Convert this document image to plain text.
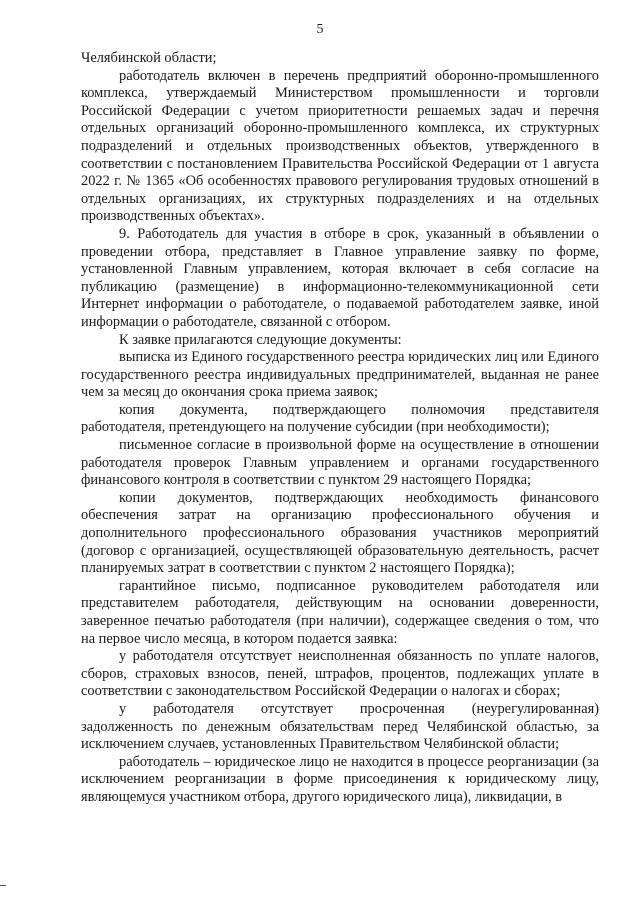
5

Челябинской области;

работодатель включен в перечень предприятий оборонно-промышленного комплекса, утверждаемый Министерством промышленности и торговли Российской Федерации с учетом приоритетности решаемых задач и перечня отдельных организаций оборонно-промышленного комплекса, их структурных подразделений и отдельных производственных объектов, утвержденного в соответствии с постановлением Правительства Российской Федерации от 1 августа 2022 г. № 1365 «Об особенностях правового регулирования трудовых отношений в отдельных организациях, их структурных подразделениях и на отдельных производственных объектах».

9. Работодатель для участия в отборе в срок, указанный в объявлении о проведении отбора, представляет в Главное управление заявку по форме, установленной Главным управлением, которая включает в себя согласие на публикацию (размещение) в информационно-телекоммуникационной сети Интернет информации о работодателе, о подаваемой работодателем заявке, иной информации о работодателе, связанной с отбором.

К заявке прилагаются следующие документы:

выписка из Единого государственного реестра юридических лиц или Единого государственного реестра индивидуальных предпринимателей, выданная не ранее чем за месяц до окончания срока приема заявок;

копия документа, подтверждающего полномочия представителя работодателя, претендующего на получение субсидии (при необходимости);

письменное согласие в произвольной форме на осуществление в отношении работодателя проверок Главным управлением и органами государственного финансового контроля в соответствии с пунктом 29 настоящего Порядка;

копии документов, подтверждающих необходимость финансового обеспечения затрат на организацию профессионального обучения и дополнительного профессионального образования участников мероприятий (договор с организацией, осуществляющей образовательную деятельность, расчет планируемых затрат в соответствии с пунктом 2 настоящего Порядка);

гарантийное письмо, подписанное руководителем работодателя или представителем работодателя, действующим на основании доверенности, заверенное печатью работодателя (при наличии), содержащее сведения о том, что на первое число месяца, в котором подается заявка:

у работодателя отсутствует неисполненная обязанность по уплате налогов, сборов, страховых взносов, пеней, штрафов, процентов, подлежащих уплате в соответствии с законодательством Российской Федерации о налогах и сборах;

у работодателя отсутствует просроченная (неурегулированная) задолженность по денежным обязательствам перед Челябинской областью, за исключением случаев, установленных Правительством Челябинской области;

работодатель – юридическое лицо не находится в процессе реорганизации (за исключением реорганизации в форме присоединения к юридическому лицу, являющемуся участником отбора, другого юридического лица), ликвидации, в
